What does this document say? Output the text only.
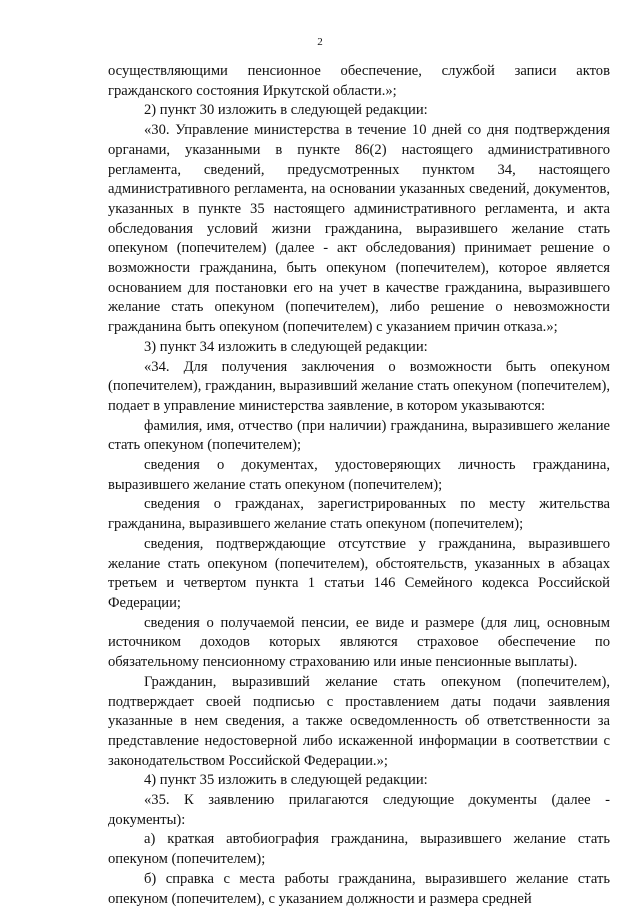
2

осуществляющими пенсионное обеспечение, службой записи актов гражданского состояния Иркутской области.»;

2) пункт 30 изложить в следующей редакции:

«30. Управление министерства в течение 10 дней со дня подтверждения органами, указанными в пункте 86(2) настоящего административного регламента, сведений, предусмотренных пунктом 34, настоящего административного регламента, на основании указанных сведений, документов, указанных в пункте 35 настоящего административного регламента, и акта обследования условий жизни гражданина, выразившего желание стать опекуном (попечителем) (далее - акт обследования) принимает решение о возможности гражданина, быть опекуном (попечителем), которое является основанием для постановки его на учет в качестве гражданина, выразившего желание стать опекуном (попечителем), либо решение о невозможности гражданина быть опекуном (попечителем) с указанием причин отказа.»;

3) пункт 34 изложить в следующей редакции:

«34. Для получения заключения о возможности быть опекуном (попечителем), гражданин, выразивший желание стать опекуном (попечителем), подает в управление министерства заявление, в котором указываются:

фамилия, имя, отчество (при наличии) гражданина, выразившего желание стать опекуном (попечителем);

сведения о документах, удостоверяющих личность гражданина, выразившего желание стать опекуном (попечителем);

сведения о гражданах, зарегистрированных по месту жительства гражданина, выразившего желание стать опекуном (попечителем);

сведения, подтверждающие отсутствие у гражданина, выразившего желание стать опекуном (попечителем), обстоятельств, указанных в абзацах третьем и четвертом пункта 1 статьи 146 Семейного кодекса Российской Федерации;

сведения о получаемой пенсии, ее виде и размере (для лиц, основным источником доходов которых являются страховое обеспечение по обязательному пенсионному страхованию или иные пенсионные выплаты).

Гражданин, выразивший желание стать опекуном (попечителем), подтверждает своей подписью с проставлением даты подачи заявления указанные в нем сведения, а также осведомленность об ответственности за представление недостоверной либо искаженной информации в соответствии с законодательством Российской Федерации.»;

4) пункт 35 изложить в следующей редакции:

«35. К заявлению прилагаются следующие документы (далее - документы):

а) краткая автобиография гражданина, выразившего желание стать опекуном (попечителем);

б) справка с места работы гражданина, выразившего желание стать опекуном (попечителем), с указанием должности и размера средней
